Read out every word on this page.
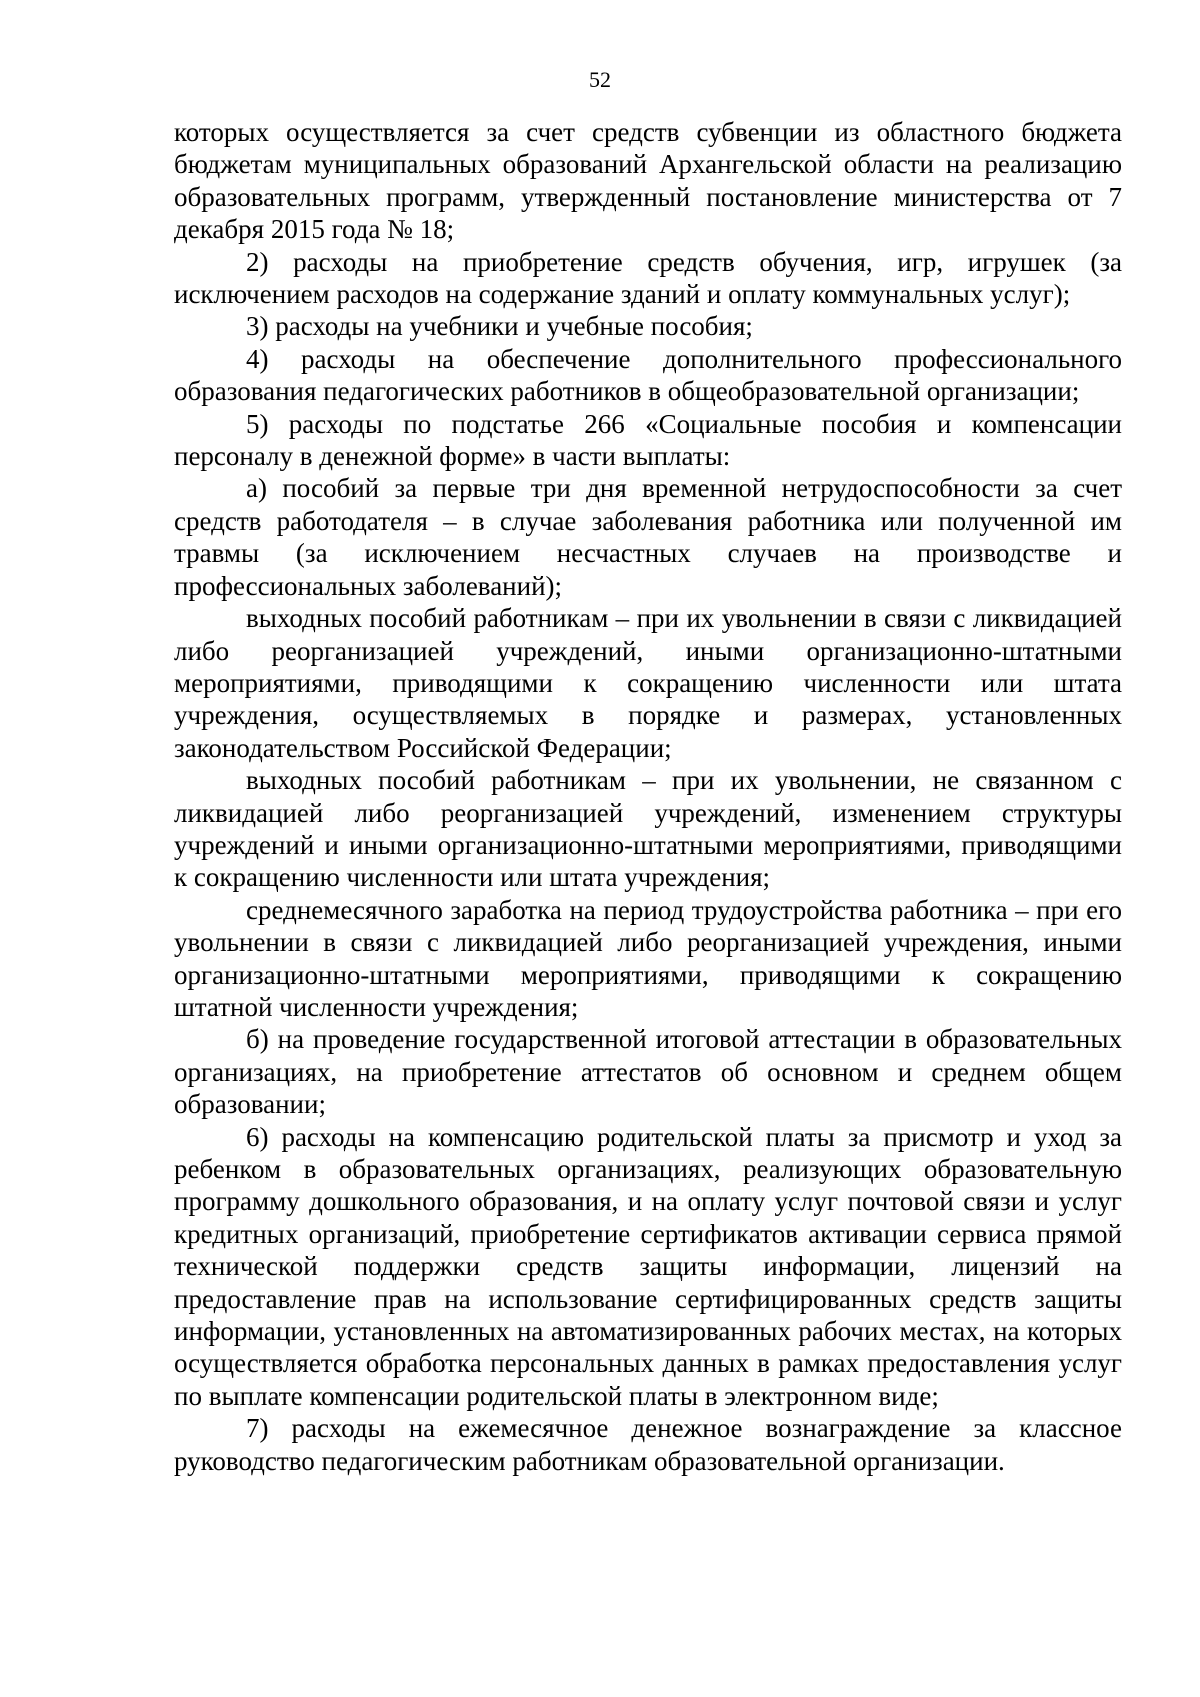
52

которых осуществляется за счет средств субвенции из областного бюджета бюджетам муниципальных образований Архангельской области на реализацию образовательных программ, утвержденный постановление министерства от 7 декабря 2015 года № 18;

2) расходы на приобретение средств обучения, игр, игрушек (за исключением расходов на содержание зданий и оплату коммунальных услуг);

3) расходы на учебники и учебные пособия;

4) расходы на обеспечение дополнительного профессионального образования педагогических работников в общеобразовательной организации;

5) расходы по подстатье 266 «Социальные пособия и компенсации персоналу в денежной форме» в части выплаты:

а) пособий за первые три дня временной нетрудоспособности за счет средств работодателя – в случае заболевания работника или полученной им травмы (за исключением несчастных случаев на производстве и профессиональных заболеваний);

выходных пособий работникам – при их увольнении в связи с ликвидацией либо реорганизацией учреждений, иными организационно-штатными мероприятиями, приводящими к сокращению численности или штата учреждения, осуществляемых в порядке и размерах, установленных законодательством Российской Федерации;

выходных пособий работникам – при их увольнении, не связанном с ликвидацией либо реорганизацией учреждений, изменением структуры учреждений и иными организационно-штатными мероприятиями, приводящими к сокращению численности или штата учреждения;

среднемесячного заработка на период трудоустройства работника – при его увольнении в связи с ликвидацией либо реорганизацией учреждения, иными организационно-штатными мероприятиями, приводящими к сокращению штатной численности учреждения;

б) на проведение государственной итоговой аттестации в образовательных организациях, на приобретение аттестатов об основном и среднем общем образовании;

6) расходы на компенсацию родительской платы за присмотр и уход за ребенком в образовательных организациях, реализующих образовательную программу дошкольного образования, и на оплату услуг почтовой связи и услуг кредитных организаций, приобретение сертификатов активации сервиса прямой технической поддержки средств защиты информации, лицензий на предоставление прав на использование сертифицированных средств защиты информации, установленных на автоматизированных рабочих местах, на которых осуществляется обработка персональных данных в рамках предоставления услуг по выплате компенсации родительской платы в электронном виде;

7) расходы на ежемесячное денежное вознаграждение за классное руководство педагогическим работникам образовательной организации.
